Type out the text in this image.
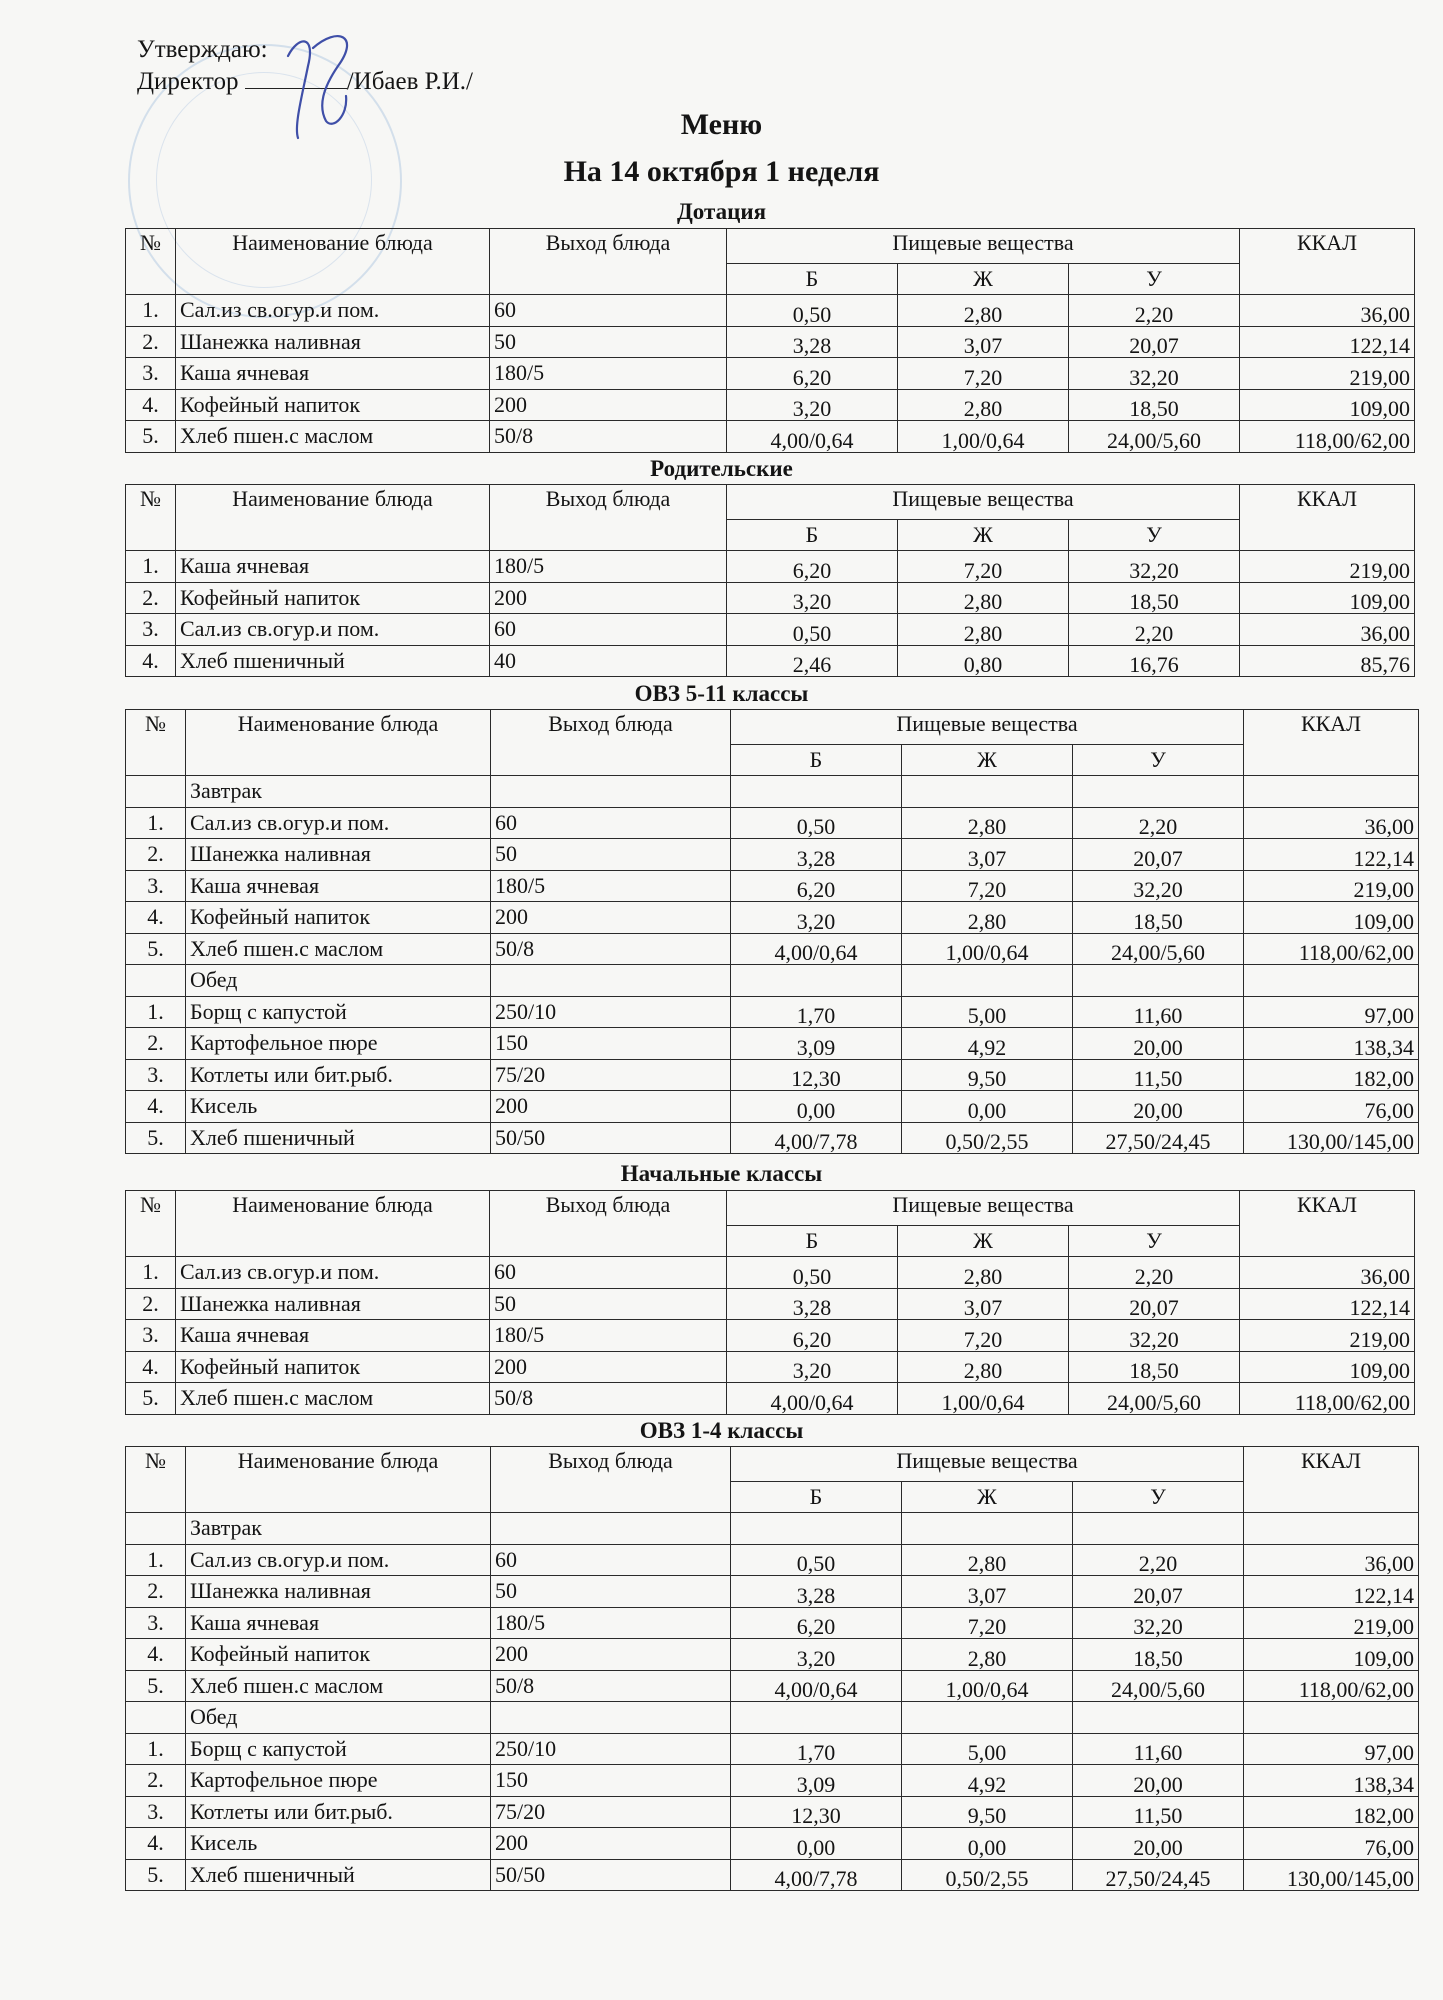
Утверждаю:
Директор	/Ибаев Р.И./
Меню
На 14 октября 1 неделя
Дотация
№	Наименование блюда	Выход блюда	Пищевые вещества			ККАЛ
			Б	Ж	У	
1.	Сал.из св.огур.и пом.	60	0,50	2,80	2,20	36,00
2.	Шанежка наливная	50	3,28	3,07	20,07	122,14
3.	Каша ячневая	180/5	6,20	7,20	32,20	219,00
4.	Кофейный напиток	200	3,20	2,80	18,50	109,00
5.	Хлеб пшен.с маслом	50/8	4,00/0,64	1,00/0,64	24,00/5,60	118,00/62,00
Родительские
№	Наименование блюда	Выход блюда	Пищевые вещества			ККАЛ
			Б	Ж	У	
1.	Каша ячневая	180/5	6,20	7,20	32,20	219,00
2.	Кофейный напиток	200	3,20	2,80	18,50	109,00
3.	Сал.из св.огур.и пом.	60	0,50	2,80	2,20	36,00
4.	Хлеб пшеничный	40	2,46	0,80	16,76	85,76
ОВЗ 5-11 классы
№	Наименование блюда	Выход блюда	Пищевые вещества			ККАЛ
			Б	Ж	У	
	Завтрак					
1.	Сал.из св.огур.и пом.	60	0,50	2,80	2,20	36,00
2.	Шанежка наливная	50	3,28	3,07	20,07	122,14
3.	Каша ячневая	180/5	6,20	7,20	32,20	219,00
4.	Кофейный напиток	200	3,20	2,80	18,50	109,00
5.	Хлеб пшен.с маслом	50/8	4,00/0,64	1,00/0,64	24,00/5,60	118,00/62,00
	Обед					
1.	Борщ с капустой	250/10	1,70	5,00	11,60	97,00
2.	Картофельное пюре	150	3,09	4,92	20,00	138,34
3.	Котлеты или бит.рыб.	75/20	12,30	9,50	11,50	182,00
4.	Кисель	200	0,00	0,00	20,00	76,00
5.	Хлеб пшеничный	50/50	4,00/7,78	0,50/2,55	27,50/24,45	130,00/145,00
Начальные классы
№	Наименование блюда	Выход блюда	Пищевые вещества			ККАЛ
			Б	Ж	У	
1.	Сал.из св.огур.и пом.	60	0,50	2,80	2,20	36,00
2.	Шанежка наливная	50	3,28	3,07	20,07	122,14
3.	Каша ячневая	180/5	6,20	7,20	32,20	219,00
4.	Кофейный напиток	200	3,20	2,80	18,50	109,00
5.	Хлеб пшен.с маслом	50/8	4,00/0,64	1,00/0,64	24,00/5,60	118,00/62,00
ОВЗ 1-4 классы
№	Наименование блюда	Выход блюда	Пищевые вещества			ККАЛ
			Б	Ж	У	
	Завтрак					
1.	Сал.из св.огур.и пом.	60	0,50	2,80	2,20	36,00
2.	Шанежка наливная	50	3,28	3,07	20,07	122,14
3.	Каша ячневая	180/5	6,20	7,20	32,20	219,00
4.	Кофейный напиток	200	3,20	2,80	18,50	109,00
5.	Хлеб пшен.с маслом	50/8	4,00/0,64	1,00/0,64	24,00/5,60	118,00/62,00
	Обед					
1.	Борщ с капустой	250/10	1,70	5,00	11,60	97,00
2.	Картофельное пюре	150	3,09	4,92	20,00	138,34
3.	Котлеты или бит.рыб.	75/20	12,30	9,50	11,50	182,00
4.	Кисель	200	0,00	0,00	20,00	76,00
5.	Хлеб пшеничный	50/50	4,00/7,78	0,50/2,55	27,50/24,45	130,00/145,00
